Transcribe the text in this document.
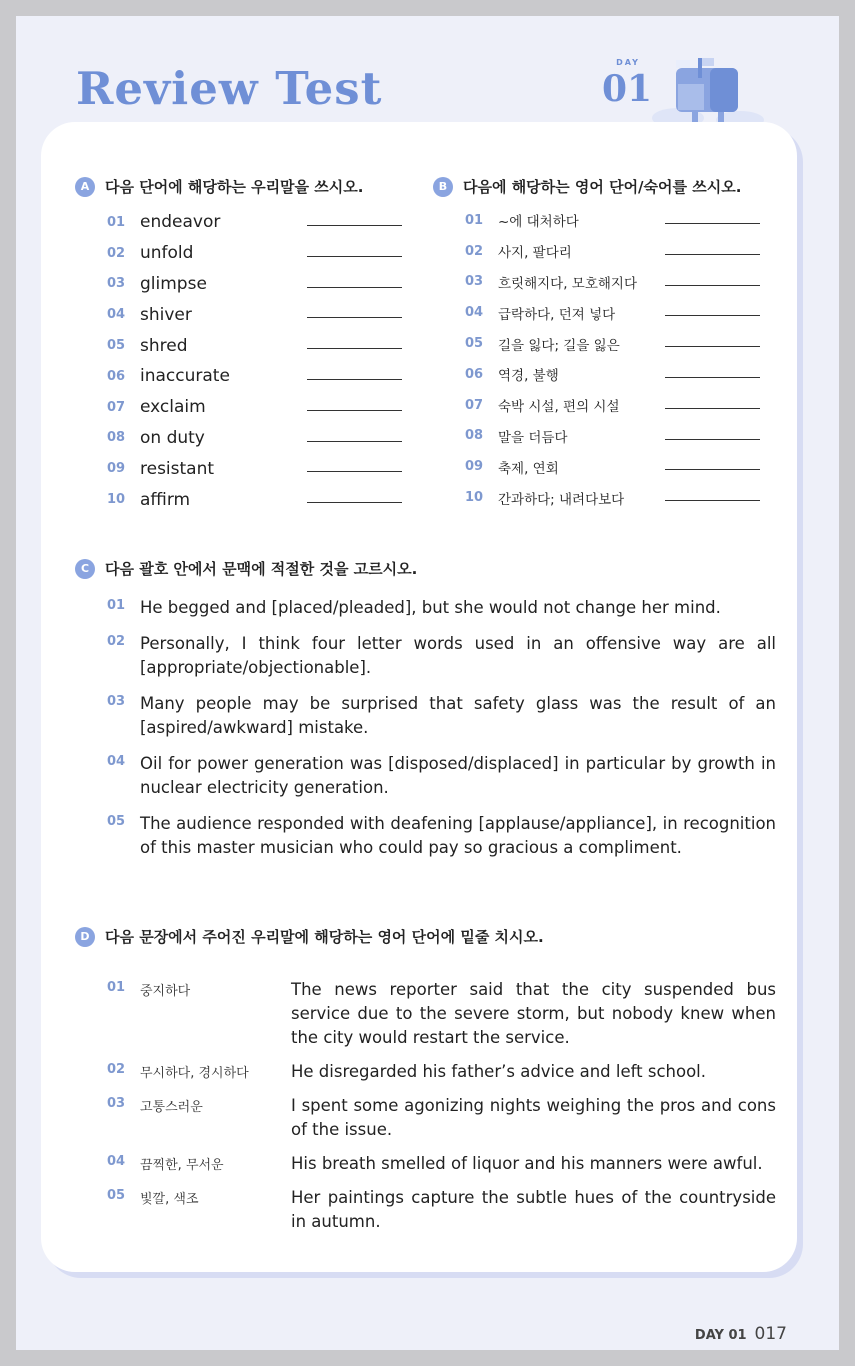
Review Test	DAY
01
A	다음 단어에 해당하는 우리말을 쓰시오.
01 endeavor
02 unfold
03 glimpse
04 shiver
05 shred
06 inaccurate
07 exclaim
08 on duty
09 resistant
10 affirm
B	다음에 해당하는 영어 단어/숙어를 쓰시오.
01	~에 대처하다
02	사지, 팔다리
03	흐릿해지다, 모호해지다
04	급락하다, 던져 넣다
05	길을 잃다; 길을 잃은
06	역경, 불행
07	숙박 시설, 편의 시설
08	말을 더듬다
09	축제, 연회
10	간과하다; 내려다보다
C	다음 괄호 안에서 문맥에 적절한 것을 고르시오.
01 He begged and [placed/pleaded], but she would not change her mind.
02 Personally, I think four letter words used in an offensive way are all [appropriate/objectionable].
03 Many people may be surprised that safety glass was the result of an [aspired/awkward] mistake.
04 Oil for power generation was [disposed/displaced] in particular by growth in nuclear electricity generation.
05 The audience responded with deafening [applause/appliance], in recognition of this master musician who could pay so gracious a compliment.
D	다음 문장에서 주어진 우리말에 해당하는 영어 단어에 밑줄 치시오.
01	중지하다	The news reporter said that the city suspended bus service due to the severe storm, but nobody knew when the city would restart the service.
02	무시하다, 경시하다	He disregarded his father’s advice and left school.
03	고통스러운	I spent some agonizing nights weighing the pros and cons of the issue.
04	끔찍한, 무서운	His breath smelled of liquor and his manners were awful.
05	빛깔, 색조	Her paintings capture the subtle hues of the countryside in autumn.
DAY 01 017
